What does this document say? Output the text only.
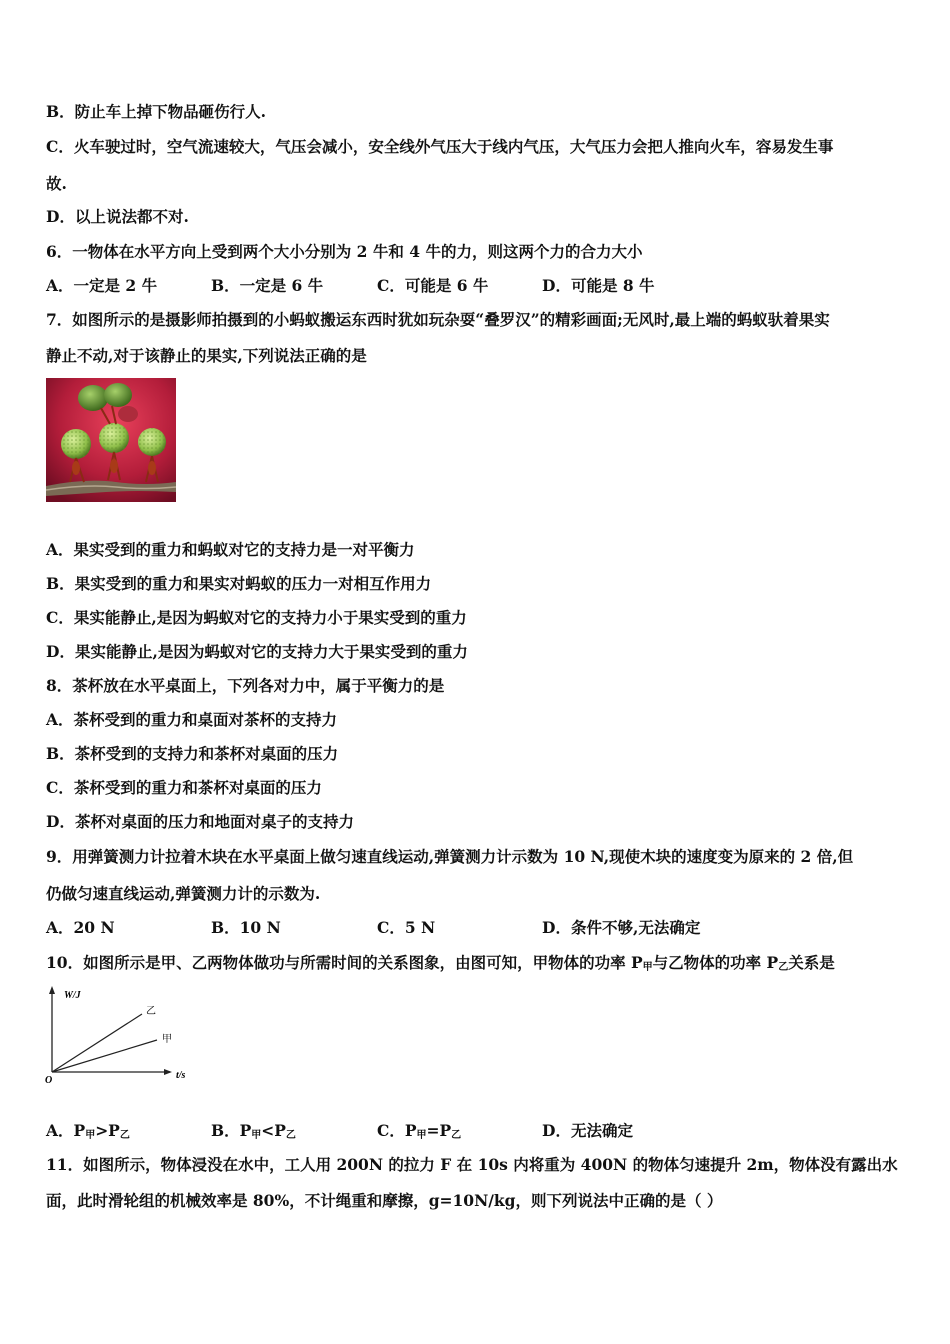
B．防止车上掉下物品砸伤行人.
C．火车驶过时，空气流速较大，气压会减小，安全线外气压大于线内气压，大气压力会把人推向火车，容易发生事
故.
D．以上说法都不对.
6．一物体在水平方向上受到两个大小分别为 2 牛和 4 牛的力，则这两个力的合力大小
A．一定是 2 牛	B．一定是 6 牛	C．可能是 6 牛	D．可能是 8 牛
7．如图所示的是摄影师拍摄到的小蚂蚁搬运东西时犹如玩杂耍“叠罗汉”的精彩画面;无风时,最上端的蚂蚁驮着果实
静止不动,对于该静止的果实,下列说法正确的是
A．果实受到的重力和蚂蚁对它的支持力是一对平衡力
B．果实受到的重力和果实对蚂蚁的压力一对相互作用力
C．果实能静止,是因为蚂蚁对它的支持力小于果实受到的重力
D．果实能静止,是因为蚂蚁对它的支持力大于果实受到的重力
8．茶杯放在水平桌面上，下列各对力中，属于平衡力的是
A．茶杯受到的重力和桌面对茶杯的支持力
B．茶杯受到的支持力和茶杯对桌面的压力
C．茶杯受到的重力和茶杯对桌面的压力
D．茶杯对桌面的压力和地面对桌子的支持力
9．用弹簧测力计拉着木块在水平桌面上做匀速直线运动,弹簧测力计示数为 10 N,现使木块的速度变为原来的 2 倍,但
仍做匀速直线运动,弹簧测力计的示数为.
A．20 N	B．10 N	C．5 N	D．条件不够,无法确定
10．如图所示是甲、乙两物体做功与所需时间的关系图象，由图可知，甲物体的功率 $P_甲$与乙物体的功率 $P_乙$关系是
W/J
t/s
O
乙
甲
A．$P_甲>P_乙$	B．$P_甲<P_乙$	C．$P_甲=P_乙$	D．无法确定
11．如图所示，物体浸没在水中，工人用 200N 的拉力 F 在 10s 内将重为 400N 的物体匀速提升 2m，物体没有露出水
面，此时滑轮组的机械效率是 80%，不计绳重和摩擦，g=10N/kg，则下列说法中正确的是（ ）
